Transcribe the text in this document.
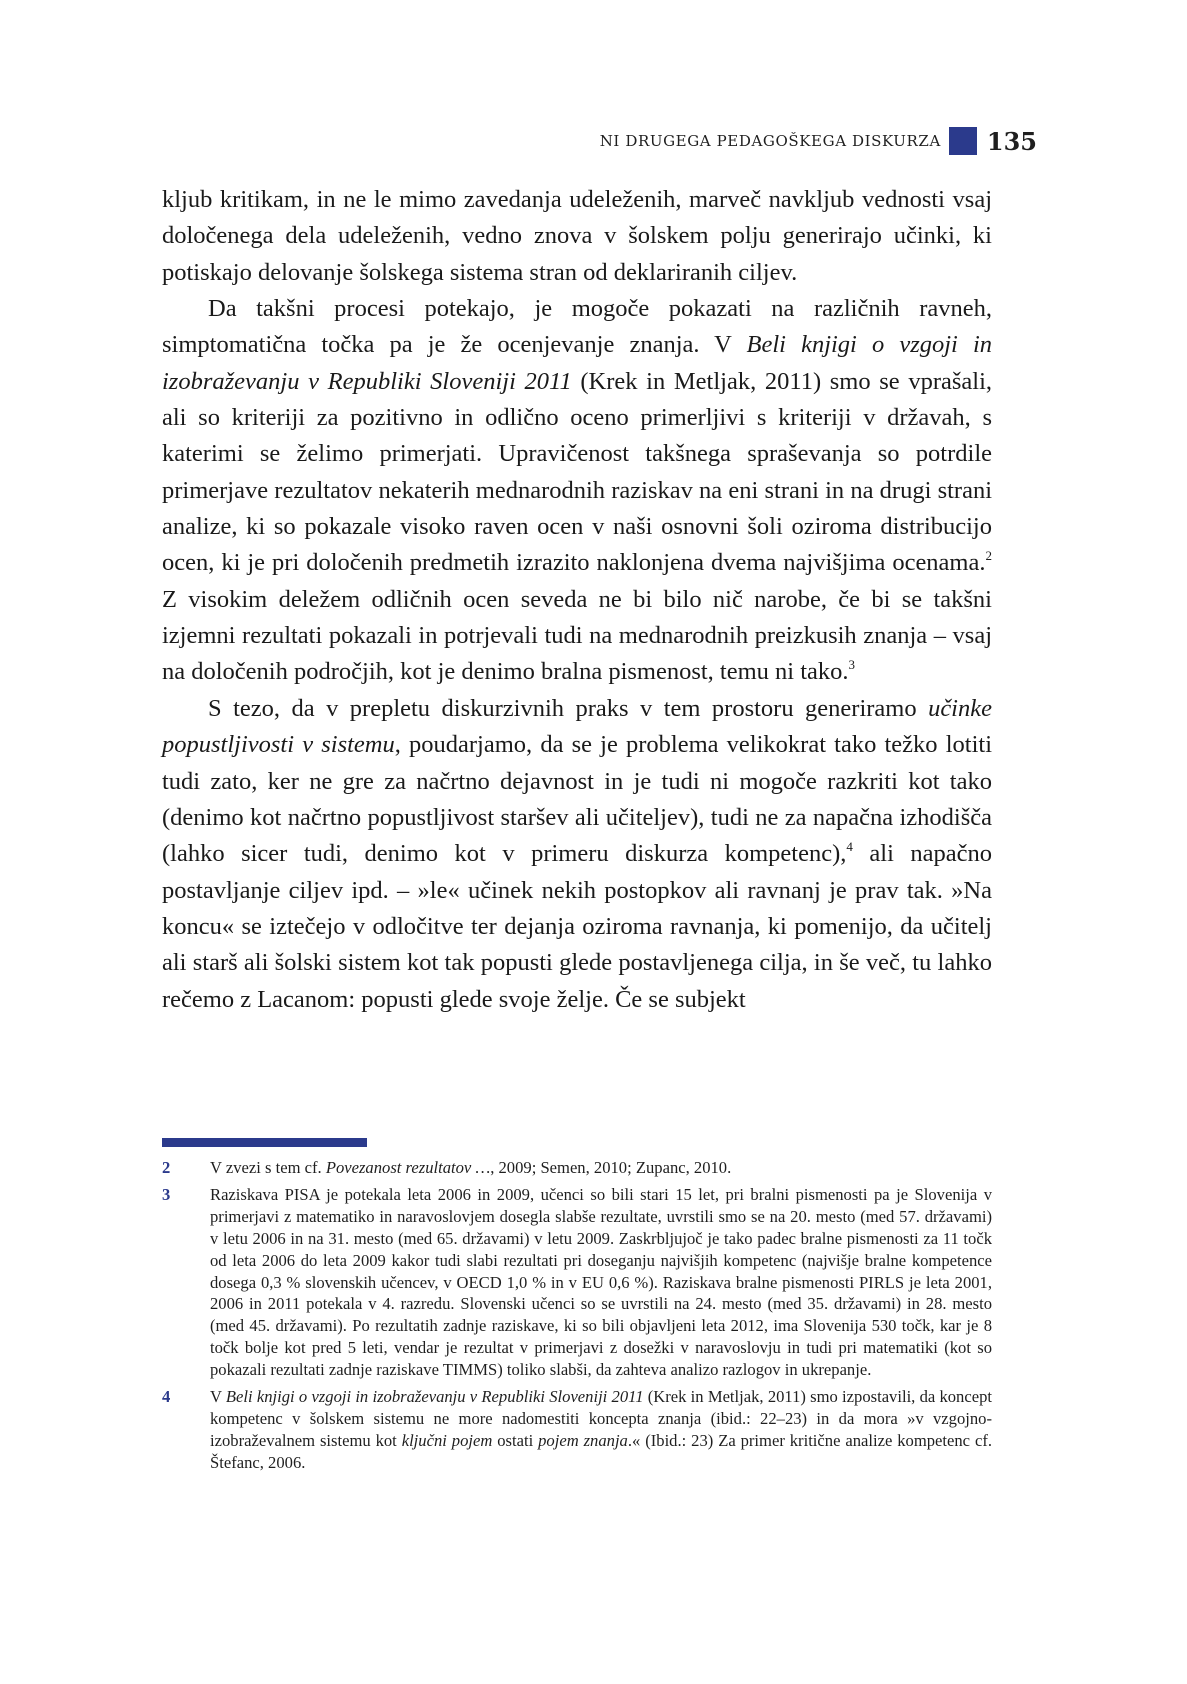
NI DRUGEGA PEDAGOŠKEGA DISKURZA 135

kljub kritikam, in ne le mimo zavedanja udeleženih, marveč navkljub vednosti vsaj določenega dela udeleženih, vedno znova v šolskem polju generirajo učinki, ki potiskajo delovanje šolskega sistema stran od deklariranih ciljev.

Da takšni procesi potekajo, je mogoče pokazati na različnih ravneh, simptomatična točka pa je že ocenjevanje znanja. V Beli knjigi o vzgoji in izobraževanju v Republiki Sloveniji 2011 (Krek in Metljak, 2011) smo se vprašali, ali so kriteriji za pozitivno in odlično oceno primerljivi s kriteriji v državah, s katerimi se želimo primerjati. Upravičenost takšnega spraševanja so potrdile primerjave rezultatov nekaterih mednarodnih raziskav na eni strani in na drugi strani analize, ki so pokazale visoko raven ocen v naši osnovni šoli oziroma distribucijo ocen, ki je pri določenih predmetih izrazito naklonjena dvema najvišjima ocenama.$^2$ Z visokim deležem odličnih ocen seveda ne bi bilo nič narobe, če bi se takšni izjemni rezultati pokazali in potrjevali tudi na mednarodnih preizkusih znanja – vsaj na določenih področjih, kot je denimo bralna pismenost, temu ni tako.$^3$

S tezo, da v prepletu diskurzivnih praks v tem prostoru generiramo učinke popustljivosti v sistemu, poudarjamo, da se je problema velikokrat tako težko lotiti tudi zato, ker ne gre za načrtno dejavnost in je tudi ni mogoče razkriti kot tako (denimo kot načrtno popustljivost staršev ali učiteljev), tudi ne za napačna izhodišča (lahko sicer tudi, denimo kot v primeru diskurza kompetenc),$^4$ ali napačno postavljanje ciljev ipd. – »le« učinek nekih postopkov ali ravnanj je prav tak. »Na koncu« se iztečejo v odločitve ter dejanja oziroma ravnanja, ki pomenijo, da učitelj ali starš ali šolski sistem kot tak popusti glede postavljenega cilja, in še več, tu lahko rečemo z Lacanom: popusti glede svoje želje. Če se subjekt

2	V zvezi s tem cf. Povezanost rezultatov …, 2009; Semen, 2010; Zupanc, 2010.
3	Raziskava PISA je potekala leta 2006 in 2009, učenci so bili stari 15 let, pri bralni pismenosti pa je Slovenija v primerjavi z matematiko in naravoslovjem dosegla slabše rezultate, uvrstili smo se na 20. mesto (med 57. državami) v letu 2006 in na 31. mesto (med 65. državami) v letu 2009. Zaskrbljujoč je tako padec bralne pismenosti za 11 točk od leta 2006 do leta 2009 kakor tudi slabi rezultati pri doseganju najvišjih kompetenc (najvišje bralne kompetence dosega 0,3 % slovenskih učencev, v OECD 1,0 % in v EU 0,6 %). Raziskava bralne pismenosti PIRLS je leta 2001, 2006 in 2011 potekala v 4. razredu. Slovenski učenci so se uvrstili na 24. mesto (med 35. državami) in 28. mesto (med 45. državami). Po rezultatih zadnje raziskave, ki so bili objavljeni leta 2012, ima Slovenija 530 točk, kar je 8 točk bolje kot pred 5 leti, vendar je rezultat v primerjavi z dosežki v naravoslovju in tudi pri matematiki (kot so pokazali rezultati zadnje raziskave TIMMS) toliko slabši, da zahteva analizo razlogov in ukrepanje.
4	V Beli knjigi o vzgoji in izobraževanju v Republiki Sloveniji 2011 (Krek in Metljak, 2011) smo izpostavili, da koncept kompetenc v šolskem sistemu ne more nadomestiti koncepta znanja (ibid.: 22–23) in da mora »v vzgojno-izobraževalnem sistemu kot ključni pojem ostati pojem znanja.« (Ibid.: 23) Za primer kritične analize kompetenc cf. Štefanc, 2006.
